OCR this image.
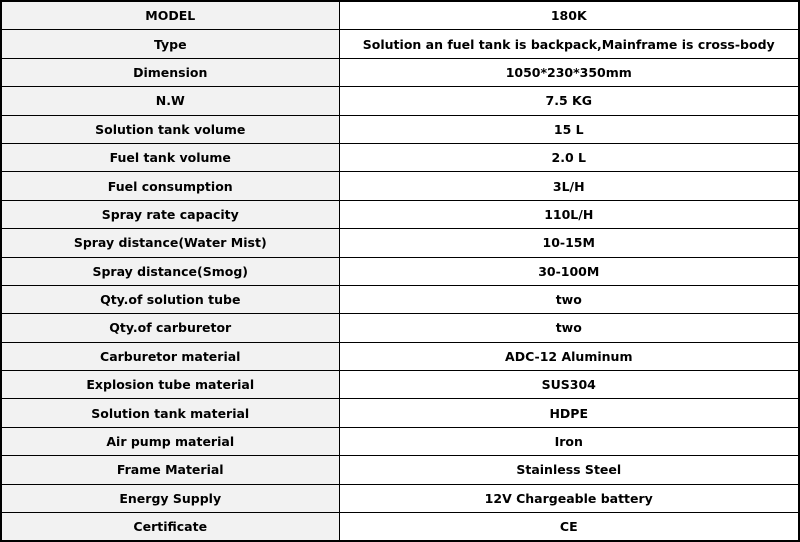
MODEL	180K
Type	Solution an fuel tank is backpack,Mainframe is cross-body
Dimension	1050*230*350mm
N.W	7.5 KG
Solution tank volume	15 L
Fuel tank volume	2.0 L
Fuel consumption	3L/H
Spray rate capacity	110L/H
Spray distance(Water Mist)	10-15M
Spray distance(Smog)	30-100M
Qty.of solution tube	two
Qty.of carburetor	two
Carburetor material	ADC-12 Aluminum
Explosion tube material	SUS304
Solution tank material	HDPE
Air pump material	Iron
Frame Material	Stainless Steel
Energy Supply	12V Chargeable battery
Certificate	CE
